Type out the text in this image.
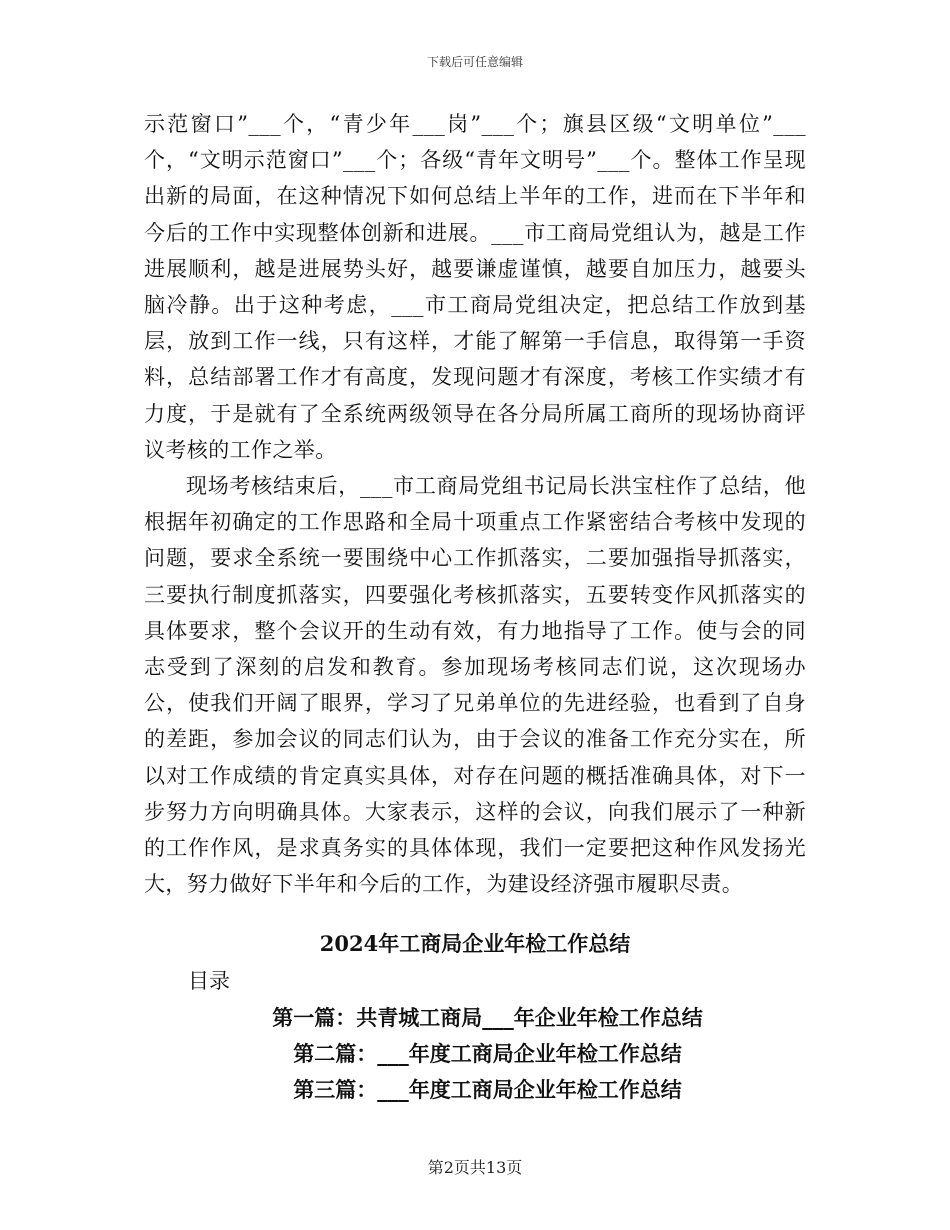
下载后可任意编辑

示范窗口”___个，“青少年___岗”___个；旗县区级“文明单位”___个，“文明示范窗口”___个；各级“青年文明号”___个。整体工作呈现出新的局面，在这种情况下如何总结上半年的工作，进而在下半年和今后的工作中实现整体创新和进展。___市工商局党组认为，越是工作进展顺利，越是进展势头好，越要谦虚谨慎，越要自加压力，越要头脑冷静。出于这种考虑，___市工商局党组决定，把总结工作放到基层，放到工作一线，只有这样，才能了解第一手信息，取得第一手资料，总结部署工作才有高度，发现问题才有深度，考核工作实绩才有力度，于是就有了全系统两级领导在各分局所属工商所的现场协商评议考核的工作之举。

现场考核结束后，___市工商局党组书记局长洪宝柱作了总结，他根据年初确定的工作思路和全局十项重点工作紧密结合考核中发现的问题，要求全系统一要围绕中心工作抓落实，二要加强指导抓落实，三要执行制度抓落实，四要强化考核抓落实，五要转变作风抓落实的具体要求，整个会议开的生动有效，有力地指导了工作。使与会的同志受到了深刻的启发和教育。参加现场考核同志们说，这次现场办公，使我们开阔了眼界，学习了兄弟单位的先进经验，也看到了自身的差距，参加会议的同志们认为，由于会议的准备工作充分实在，所以对工作成绩的肯定真实具体，对存在问题的概括准确具体，对下一步努力方向明确具体。大家表示，这样的会议，向我们展示了一种新的工作作风，是求真务实的具体体现，我们一定要把这种作风发扬光大，努力做好下半年和今后的工作，为建设经济强市履职尽责。

2024年工商局企业年检工作总结
目录
第一篇：共青城工商局___年企业年检工作总结
第二篇：___年度工商局企业年检工作总结
第三篇：___年度工商局企业年检工作总结
第2页共13页
